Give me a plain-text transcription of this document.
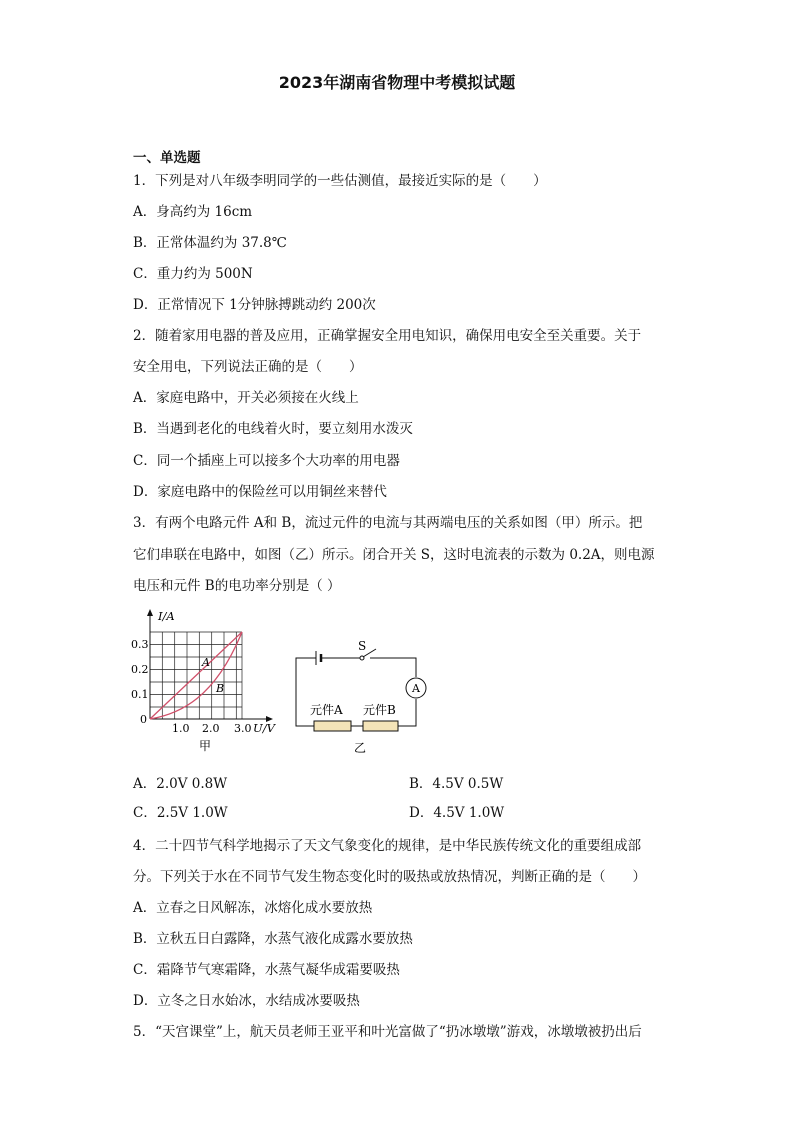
2023年湖南省物理中考模拟试题
一、单选题
1．下列是对八年级李明同学的一些估测值，最接近实际的是（　　）
A．身高约为 16cm
B．正常体温约为 37.8℃
C．重力约为 500N
D．正常情况下 1分钟脉搏跳动约 200次
2．随着家用电器的普及应用，正确掌握安全用电知识，确保用电安全至关重要。关于
安全用电，下列说法正确的是（　　）
A．家庭电路中，开关必须接在火线上
B．当遇到老化的电线着火时，要立刻用水泼灭
C．同一个插座上可以接多个大功率的用电器
D．家庭电路中的保险丝可以用铜丝来替代
3．有两个电路元件 A和 B，流过元件的电流与其两端电压的关系如图（甲）所示。把
它们串联在电路中，如图（乙）所示。闭合开关 S，这时电流表的示数为 0.2A，则电源
电压和元件 B的电功率分别是（ ）
I/A
0.3
0.2
0.1
0
1.0 2.0 3.0 U/V
A
B
甲
S
A
元件A 元件B
乙
A．2.0V 0.8W	B．4.5V 0.5W
C．2.5V 1.0W	D．4.5V 1.0W
4．二十四节气科学地揭示了天文气象变化的规律，是中华民族传统文化的重要组成部
分。下列关于水在不同节气发生物态变化时的吸热或放热情况，判断正确的是（　　）
A．立春之日风解冻，冰熔化成水要放热
B．立秋五日白露降，水蒸气液化成露水要放热
C．霜降节气寒霜降，水蒸气凝华成霜要吸热
D．立冬之日水始冰，水结成冰要吸热
5．“天宫课堂”上，航天员老师王亚平和叶光富做了“扔冰墩墩”游戏，冰墩墩被扔出后
